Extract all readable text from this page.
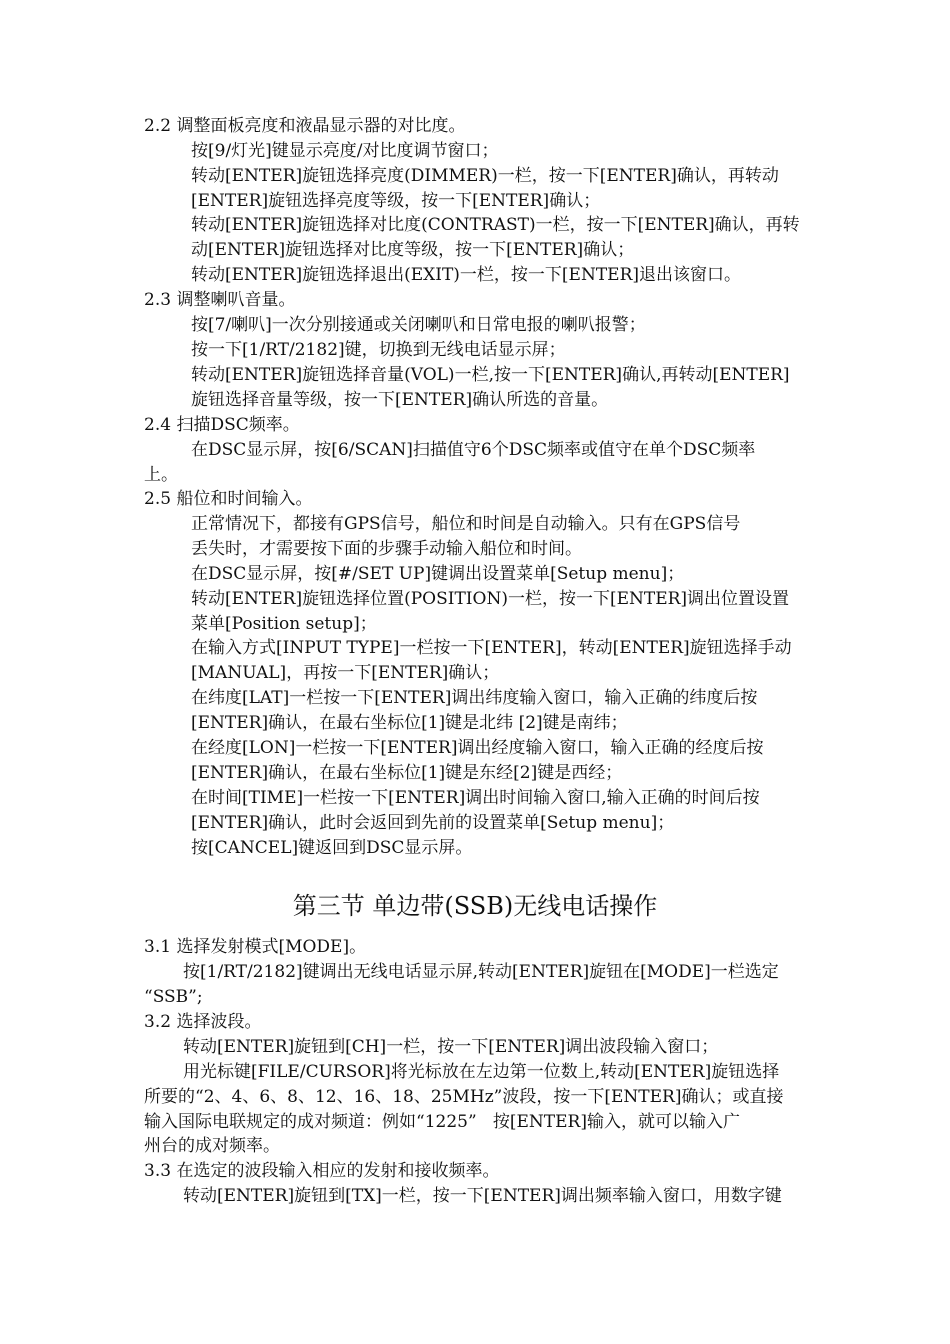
2.2 调整面板亮度和液晶显示器的对比度。
按[9/灯光]键显示亮度/对比度调节窗口；
转动[ENTER]旋钮选择亮度(DIMMER)一栏，按一下[ENTER]确认，再转动
[ENTER]旋钮选择亮度等级，按一下[ENTER]确认；
转动[ENTER]旋钮选择对比度(CONTRAST)一栏，按一下[ENTER]确认，再转
动[ENTER]旋钮选择对比度等级，按一下[ENTER]确认；
转动[ENTER]旋钮选择退出(EXIT)一栏，按一下[ENTER]退出该窗口。
2.3 调整喇叭音量。
按[7/喇叭]一次分别接通或关闭喇叭和日常电报的喇叭报警；
按一下[1/RT/2182]键，切换到无线电话显示屏；
转动[ENTER]旋钮选择音量(VOL)一栏,按一下[ENTER]确认,再转动[ENTER]
旋钮选择音量等级，按一下[ENTER]确认所选的音量。
2.4 扫描DSC频率。
在DSC显示屏，按[6/SCAN]扫描值守6个DSC频率或值守在单个DSC频率
上。
2.5 船位和时间输入。
正常情况下，都接有GPS信号，船位和时间是自动输入。只有在GPS信号
丢失时，才需要按下面的步骤手动输入船位和时间。
在DSC显示屏，按[#/SET UP]键调出设置菜单[Setup menu]；
转动[ENTER]旋钮选择位置(POSITION)一栏，按一下[ENTER]调出位置设置
菜单[Position setup]；
在输入方式[INPUT TYPE]一栏按一下[ENTER]，转动[ENTER]旋钮选择手动
[MANUAL]，再按一下[ENTER]确认；
在纬度[LAT]一栏按一下[ENTER]调出纬度输入窗口，输入正确的纬度后按
[ENTER]确认，在最右坐标位[1]键是北纬 [2]键是南纬；
在经度[LON]一栏按一下[ENTER]调出经度输入窗口，输入正确的经度后按
[ENTER]确认，在最右坐标位[1]键是东经[2]键是西经；
在时间[TIME]一栏按一下[ENTER]调出时间输入窗口,输入正确的时间后按
[ENTER]确认，此时会返回到先前的设置菜单[Setup menu]；
按[CANCEL]键返回到DSC显示屏。
第三节 单边带(SSB)无线电话操作
3.1 选择发射模式[MODE]。
按[1/RT/2182]键调出无线电话显示屏,转动[ENTER]旋钮在[MODE]一栏选定
“SSB”;
3.2 选择波段。
转动[ENTER]旋钮到[CH]一栏，按一下[ENTER]调出波段输入窗口；
用光标键[FILE/CURSOR]将光标放在左边第一位数上,转动[ENTER]旋钮选择
所要的“2、4、6、8、12、16、18、25MHz”波段，按一下[ENTER]确认；或直接
输入国际电联规定的成对频道：例如“1225”   按[ENTER]输入，就可以输入广
州台的成对频率。
3.3 在选定的波段输入相应的发射和接收频率。
转动[ENTER]旋钮到[TX]一栏，按一下[ENTER]调出频率输入窗口，用数字键
